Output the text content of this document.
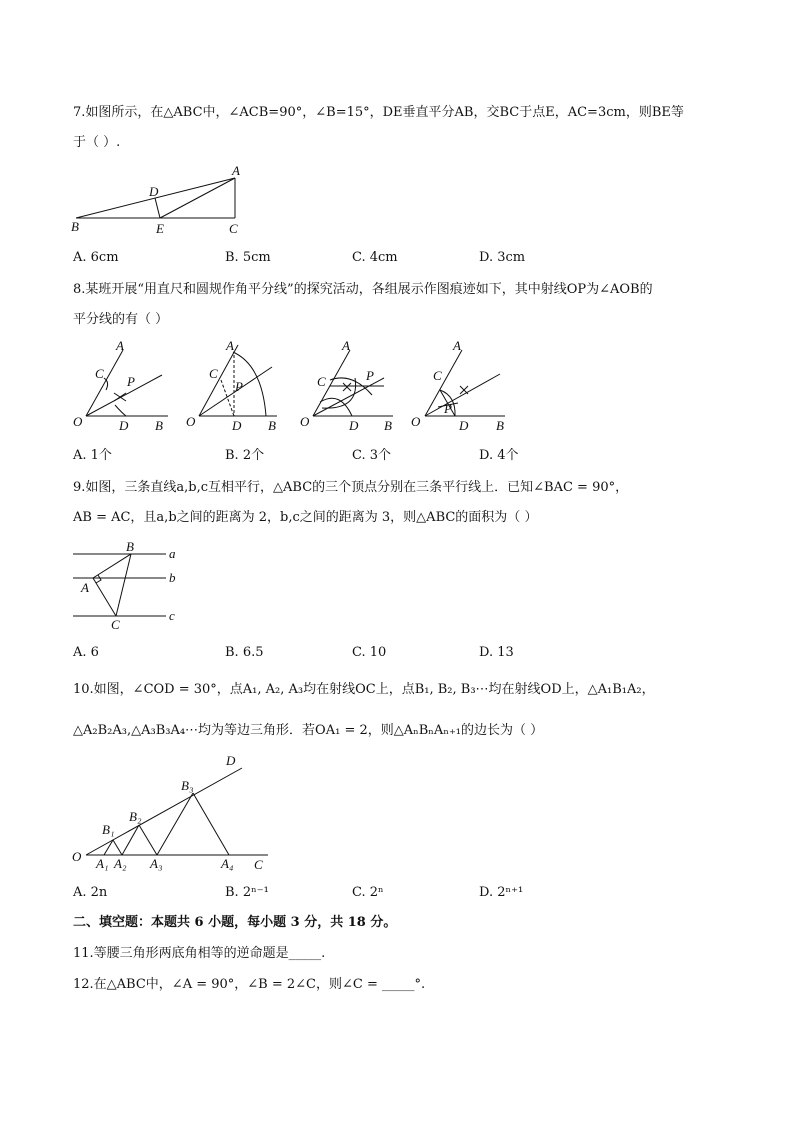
7.如图所示，在△ABC中，∠ACB=90°，∠B=15°，DE垂直平分AB，交BC于点E，AC=3cm，则BE等
于（ ）.
A
B	C
D
E
A. 6cm	B. 5cm	C. 4cm	D. 3cm
8.某班开展“用直尺和圆规作角平分线”的探究活动，各组展示作图痕迹如下，其中射线OP为∠AOB的
平分线的有（ ）
A
C
P
O	D B
A
C
P
O	D B
A
C	P
O	D B
A
C
P
O	D B
A. 1个	B. 2个	C. 3个	D. 4个
9.如图，三条直线a,b,c互相平行，△ABC的三个顶点分别在三条平行线上．已知∠BAC = 90°，
AB = AC，且a,b之间的距离为 2，b,c之间的距离为 3，则△ABC的面积为（ ）
B
A
C
a
b
c
A. 6	B. 6.5	C. 10	D. 13
10.如图，∠COD = 30°，点A₁, A₂, A₃均在射线OC上，点B₁, B₂, B₃⋯均在射线OD上，△A₁B₁A₂，
△A₂B₂A₃,△A₃B₃A₄⋯均为等边三角形．若OA₁ = 2，则△AₙBₙAₙ₊₁的边长为（ ）
O
C
D
A₁ A₂ A₃	A₄
B₁
B₂
B₃
A. 2n	B. 2ⁿ⁻¹	C. 2ⁿ	D. 2ⁿ⁺¹
二、填空题：本题共 6 小题，每小题 3 分，共 18 分。
11.等腰三角形两底角相等的逆命题是_____.
12.在△ABC中，∠A = 90°，∠B = 2∠C，则∠C = _____°.
